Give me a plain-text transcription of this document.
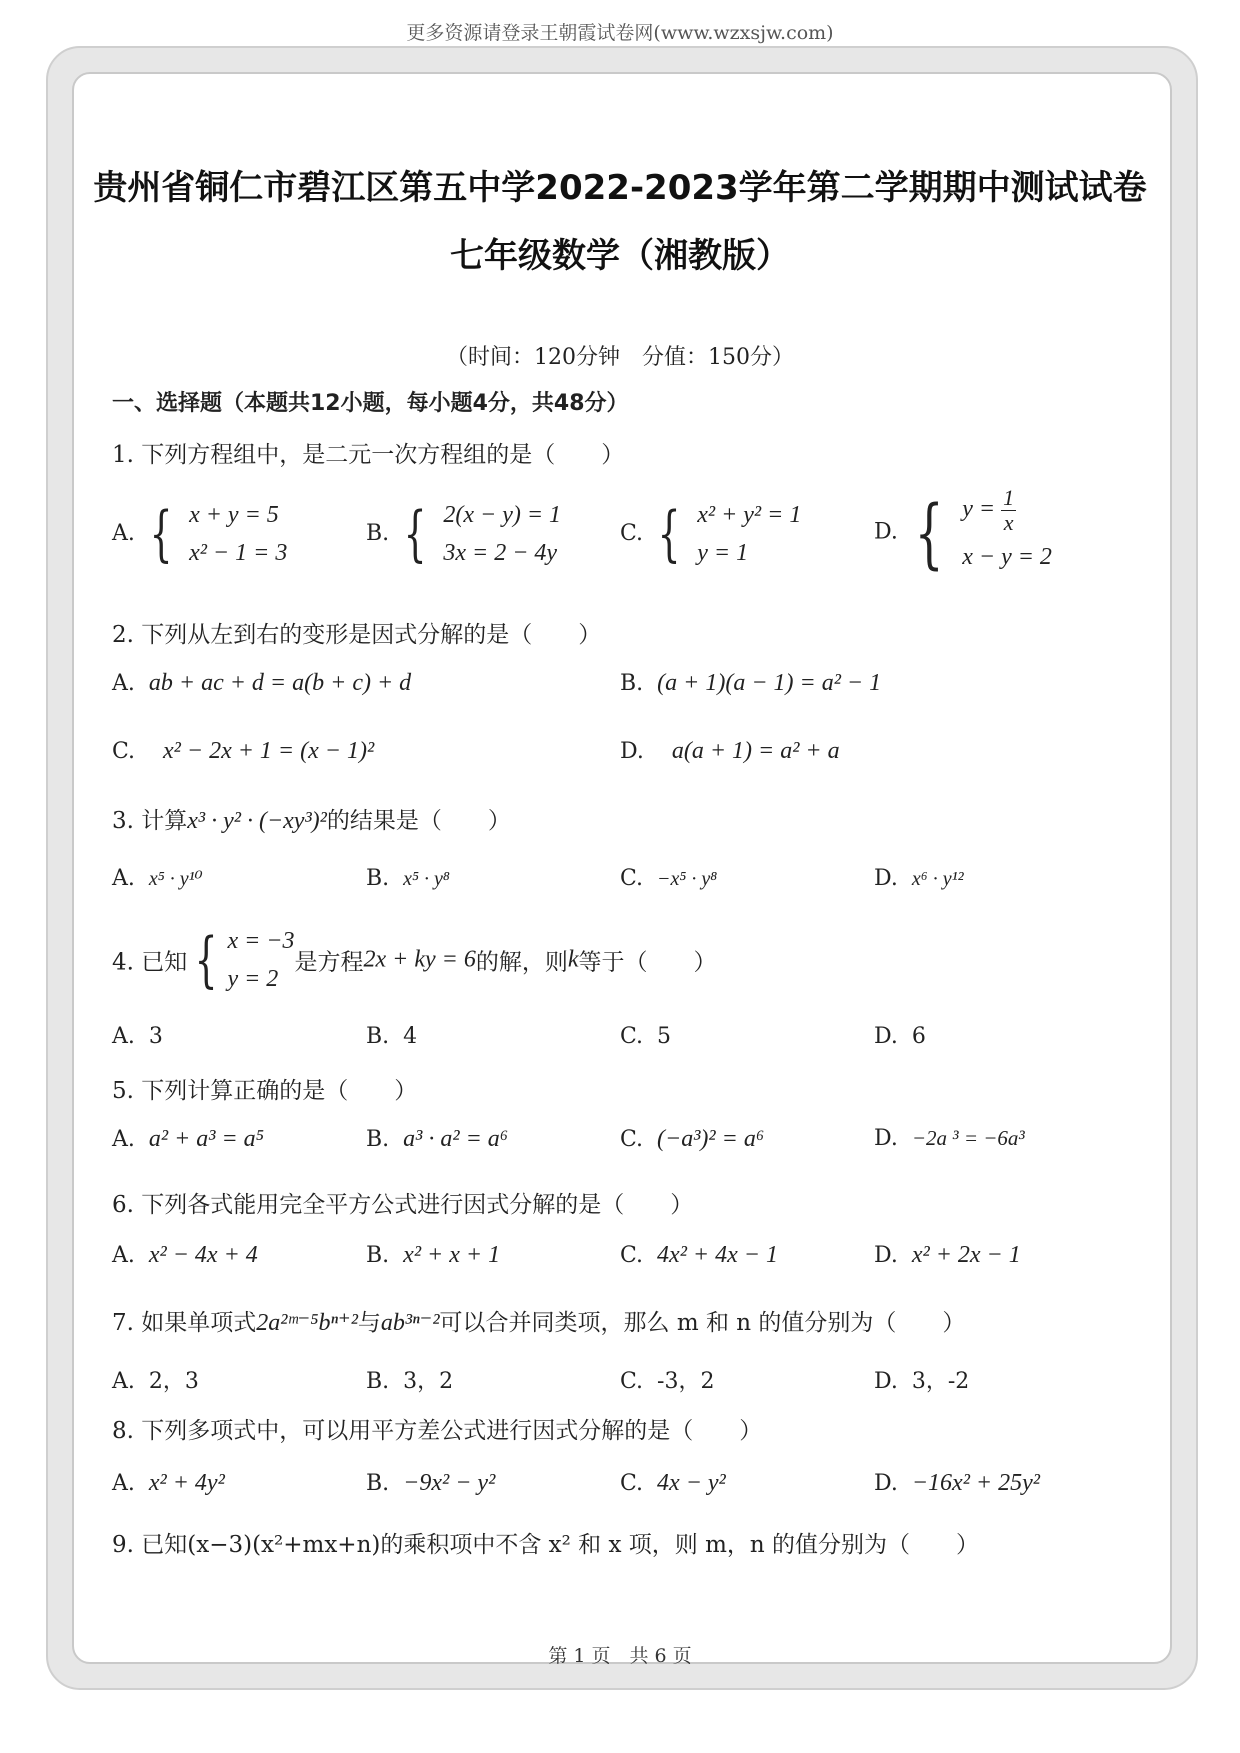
更多资源请登录王朝霞试卷网(www.wzxsjw.com)
贵州省铜仁市碧江区第五中学2022-2023学年第二学期期中测试试卷
七年级数学（湘教版）
（时间：120分钟　分值：150分）
一、选择题（本题共12小题，每小题4分，共48分）
1. 下列方程组中，是二元一次方程组的是（　　）
A. { x + y = 5
x² − 1 = 3
B. { 2(x − y) = 1
3x = 2 − 4y
C. { x² + y² = 1
y = 1
D. { $y = \frac{1}{x}$

x − y = 2
2. 下列从左到右的变形是因式分解的是（　　）
A. ab + ac + d = a(b + c) + d	B. (a + 1)(a − 1) = a² − 1
C. x² − 2x + 1 = (x − 1)²	D. a(a + 1) = a² + a
3. 计算x³ · y² · (−xy³)²的结果是（　　）
A. x⁵ · y¹⁰	B. x⁵ · y⁸	C. −x⁵ · y⁸	D. x⁶ · y¹²
4. 已知 { x = −3
y = 2是方程2x + ky = 6的解，则k等于（　　）
A. 3	B. 4	C. 5	D. 6
5. 下列计算正确的是（　　）
A. a² + a³ = a⁵	B. a³ · a² = a⁶	C. (−a³)² = a⁶	D. −2a ³ = −6a³
6. 下列各式能用完全平方公式进行因式分解的是（　　）
A. x² − 4x + 4	B. x² + x + 1	C. 4x² + 4x − 1	D. x² + 2x − 1
7. 如果单项式2a²ᵐ⁻⁵bⁿ⁺²与ab³ⁿ⁻²可以合并同类项，那么 m 和 n 的值分别为（　　）
A. 2，3	B. 3，2	C. -3，2	D. 3，-2
8. 下列多项式中，可以用平方差公式进行因式分解的是（　　）
A. x² + 4y²	B. −9x² − y²	C. 4x − y²	D. −16x² + 25y²
9. 已知(x−3)(x²+mx+n)的乘积项中不含 x² 和 x 项，则 m，n 的值分别为（　　）
第 1 页　共 6 页
